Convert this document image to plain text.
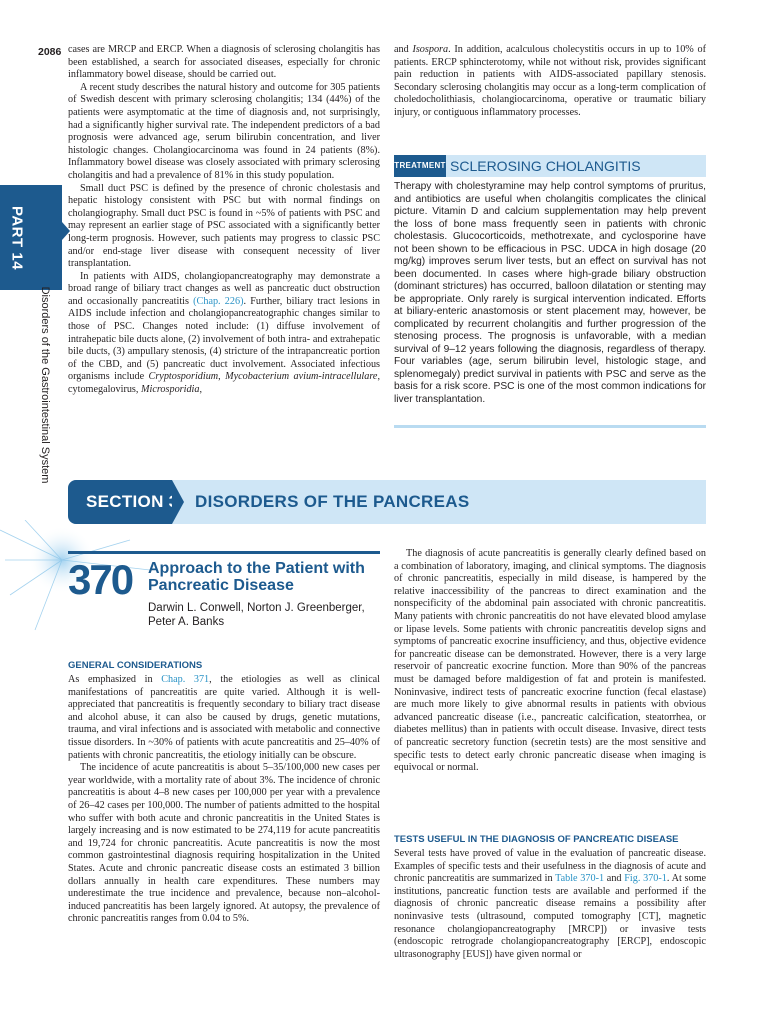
2086
PART 14
Disorders of the Gastrointestinal System

cases are MRCP and ERCP. When a diagnosis of sclerosing cholangitis has been established, a search for associated diseases, especially for chronic inflammatory bowel disease, should be carried out.

A recent study describes the natural history and outcome for 305 patients of Swedish descent with primary sclerosing cholangitis; 134 (44%) of the patients were asymptomatic at the time of diagnosis and, not surprisingly, had a significantly higher survival rate. The independent predictors of a bad prognosis were advanced age, serum bilirubin concentration, and liver histologic changes. Cholangiocarcinoma was found in 24 patients (8%). Inflammatory bowel disease was closely associated with primary sclerosing cholangitis and had a prevalence of 81% in this study population.

Small duct PSC is defined by the presence of chronic cholestasis and hepatic histology consistent with PSC but with normal findings on cholangiography. Small duct PSC is found in ~5% of patients with PSC and may represent an earlier stage of PSC associated with a significantly better long-term prognosis. However, such patients may progress to classic PSC and/or end-stage liver disease with consequent necessity of liver transplantation.

In patients with AIDS, cholangiopancreatography may demonstrate a broad range of biliary tract changes as well as pancreatic duct obstruction and occasionally pancreatitis (Chap. 226). Further, biliary tract lesions in AIDS include infection and cholangiopancreatographic changes similar to those of PSC. Changes noted include: (1) diffuse involvement of intrahepatic bile ducts alone, (2) involvement of both intra- and extrahepatic bile ducts, (3) ampullary stenosis, (4) stricture of the intrapancreatic portion of the CBD, and (5) pancreatic duct involvement. Associated infectious organisms include Cryptosporidium, Mycobacterium avium-intracellulare, cytomegalovirus, Microsporidia,

and Isospora. In addition, acalculous cholecystitis occurs in up to 10% of patients. ERCP sphincterotomy, while not without risk, provides significant pain reduction in patients with AIDS-associated papillary stenosis. Secondary sclerosing cholangitis may occur as a long-term complication of choledocholithiasis, cholangiocarcinoma, operative or traumatic biliary injury, or contiguous inflammatory processes.

TREATMENT SCLEROSING CHOLANGITIS
Therapy with cholestyramine may help control symptoms of pruritus, and antibiotics are useful when cholangitis complicates the clinical picture. Vitamin D and calcium supplementation may help prevent the loss of bone mass frequently seen in patients with chronic cholestasis. Glucocorticoids, methotrexate, and cyclosporine have not been shown to be efficacious in PSC. UDCA in high dosage (20 mg/kg) improves serum liver tests, but an effect on survival has not been documented. In cases where high-grade biliary obstruction (dominant strictures) has occurred, balloon dilatation or stenting may be appropriate. Only rarely is surgical intervention indicated. Efforts at biliary-enteric anastomosis or stent placement may, however, be complicated by recurrent cholangitis and further progression of the stenosing process. The prognosis is unfavorable, with a median survival of 9–12 years following the diagnosis, regardless of therapy. Four variables (age, serum bilirubin level, histologic stage, and splenomegaly) predict survival in patients with PSC and serve as the basis for a risk score. PSC is one of the most common indications for liver transplantation.
SECTION 3 DISORDERS OF THE PANCREAS
370 Approach to the Patient with Pancreatic Disease
Darwin L. Conwell, Norton J. Greenberger,
Peter A. Banks
GENERAL CONSIDERATIONS

As emphasized in Chap. 371, the etiologies as well as clinical manifestations of pancreatitis are quite varied. Although it is well-appreciated that pancreatitis is frequently secondary to biliary tract disease and alcohol abuse, it can also be caused by drugs, genetic mutations, trauma, and viral infections and is associated with metabolic and connective tissue disorders. In ~30% of patients with acute pancreatitis and 25–40% of patients with chronic pancreatitis, the etiology initially can be obscure.

The incidence of acute pancreatitis is about 5–35/100,000 new cases per year worldwide, with a mortality rate of about 3%. The incidence of chronic pancreatitis is about 4–8 new cases per 100,000 per year with a prevalence of 26–42 cases per 100,000. The number of patients admitted to the hospital who suffer with both acute and chronic pancreatitis in the United States is largely increasing and is now estimated to be 274,119 for acute pancreatitis and 19,724 for chronic pancreatitis. Acute pancreatitis is now the most common gastrointestinal diagnosis requiring hospitalization in the United States. Acute and chronic pancreatic disease costs an estimated 3 billion dollars annually in health care expenditures. These numbers may underestimate the true incidence and prevalence, because non–alcohol-induced pancreatitis has been largely ignored. At autopsy, the prevalence of chronic pancreatitis ranges from 0.04 to 5%.

The diagnosis of acute pancreatitis is generally clearly defined based on a combination of laboratory, imaging, and clinical symptoms. The diagnosis of chronic pancreatitis, especially in mild disease, is hampered by the relative inaccessibility of the pancreas to direct examination and the nonspecificity of the abdominal pain associated with chronic pancreatitis. Many patients with chronic pancreatitis do not have elevated blood amylase or lipase levels. Some patients with chronic pancreatitis develop signs and symptoms of pancreatic exocrine insufficiency, and thus, objective evidence for pancreatic disease can be demonstrated. However, there is a very large reservoir of pancreatic exocrine function. More than 90% of the pancreas must be damaged before maldigestion of fat and protein is manifested. Noninvasive, indirect tests of pancreatic exocrine function (fecal elastase) are much more likely to give abnormal results in patients with obvious advanced pancreatic disease (i.e., pancreatic calcification, steatorrhea, or diabetes mellitus) than in patients with occult disease. Invasive, direct tests of pancreatic secretory function (secretin tests) are the most sensitive and specific tests to detect early chronic pancreatic disease when imaging is equivocal or normal.

TESTS USEFUL IN THE DIAGNOSIS OF PANCREATIC DISEASE

Several tests have proved of value in the evaluation of pancreatic disease. Examples of specific tests and their usefulness in the diagnosis of acute and chronic pancreatitis are summarized in Table 370-1 and Fig. 370-1. At some institutions, pancreatic function tests are available and performed if the diagnosis of chronic pancreatic disease remains a possibility after noninvasive tests (ultrasound, computed tomography [CT], magnetic resonance cholangiopancreatography [MRCP]) or invasive tests (endoscopic retrograde cholangiopancreatography [ERCP], endoscopic ultrasonography [EUS]) have given normal or
